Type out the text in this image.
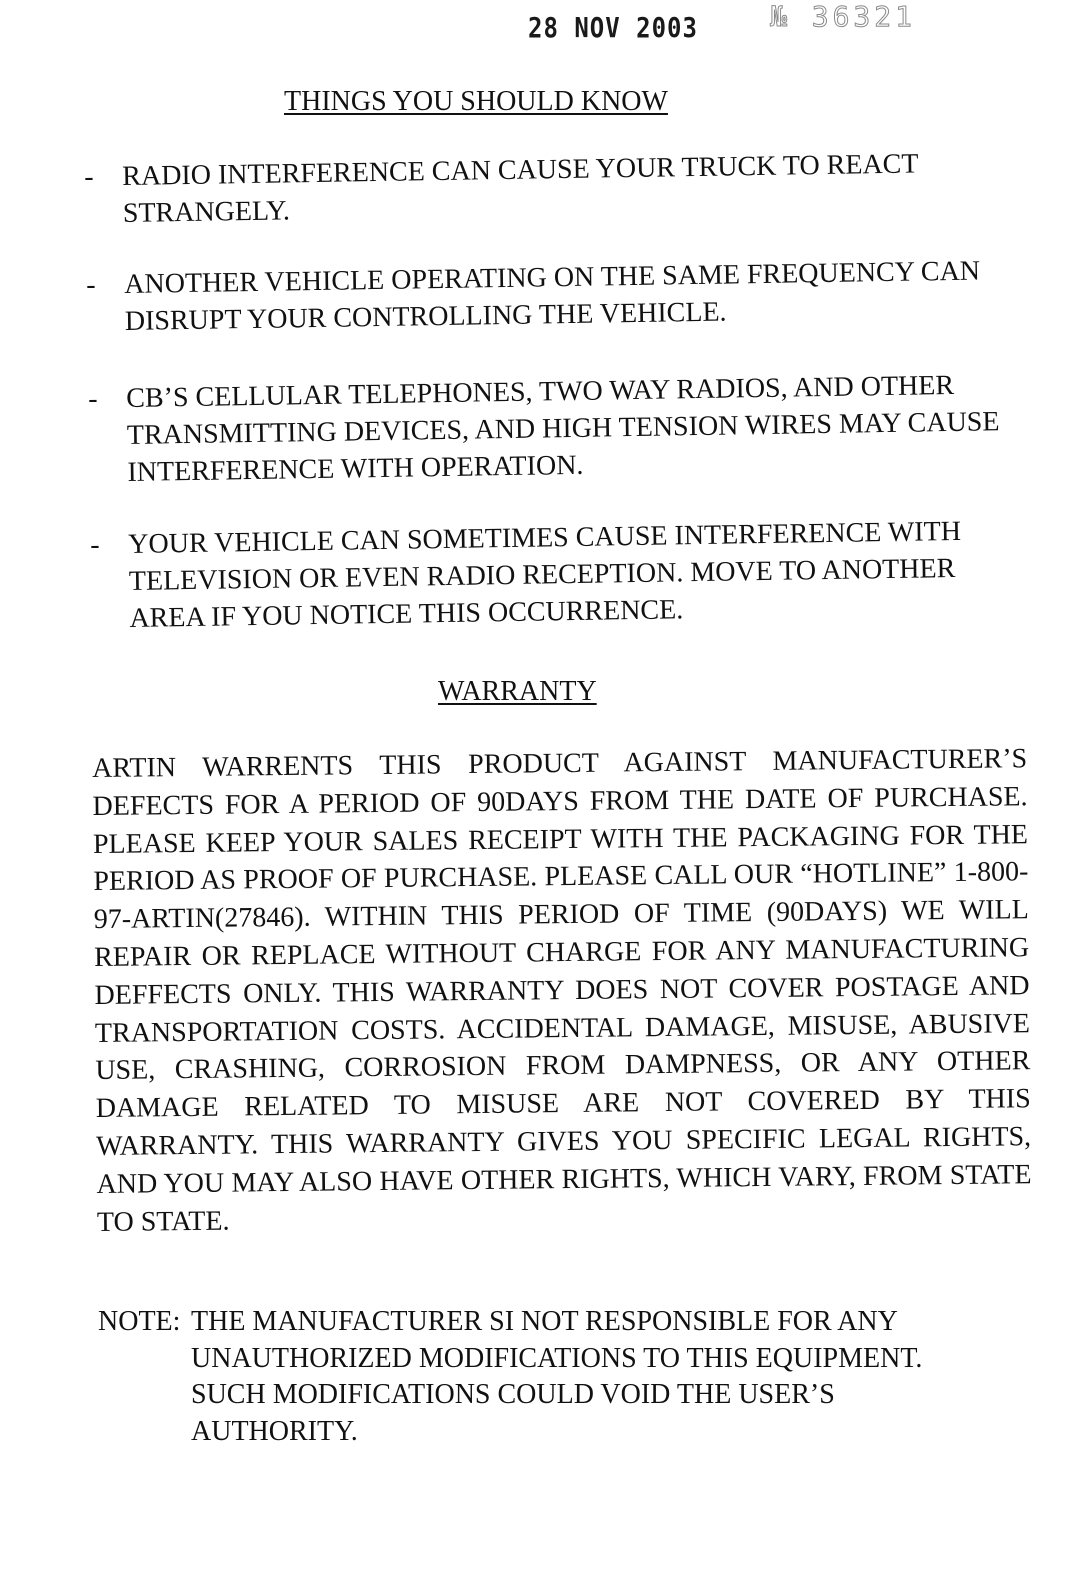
28 NOV 2003	№ 36321
THINGS YOU SHOULD KNOW
- RADIO INTERFERENCE CAN CAUSE YOUR TRUCK TO REACT STRANGELY.
- ANOTHER VEHICLE OPERATING ON THE SAME FREQUENCY CAN DISRUPT YOUR CONTROLLING THE VEHICLE.
- CB’S CELLULAR TELEPHONES, TWO WAY RADIOS, AND OTHER TRANSMITTING DEVICES, AND HIGH TENSION WIRES MAY CAUSE INTERFERENCE WITH OPERATION.
- YOUR VEHICLE CAN SOMETIMES CAUSE INTERFERENCE WITH TELEVISION OR EVEN RADIO RECEPTION. MOVE TO ANOTHER AREA IF YOU NOTICE THIS OCCURRENCE.
WARRANTY
ARTIN WARRENTS THIS PRODUCT AGAINST MANUFACTURER’S DEFECTS FOR A PERIOD OF 90DAYS FROM THE DATE OF PURCHASE. PLEASE KEEP YOUR SALES RECEIPT WITH THE PACKAGING FOR THE PERIOD AS PROOF OF PURCHASE. PLEASE CALL OUR “HOTLINE” 1-800-97-ARTIN(27846). WITHIN THIS PERIOD OF TIME (90DAYS) WE WILL REPAIR OR REPLACE WITHOUT CHARGE FOR ANY MANUFACTURING DEFFECTS ONLY. THIS WARRANTY DOES NOT COVER POSTAGE AND TRANSPORTATION COSTS. ACCIDENTAL DAMAGE, MISUSE, ABUSIVE USE, CRASHING, CORROSION FROM DAMPNESS, OR ANY OTHER DAMAGE RELATED TO MISUSE ARE NOT COVERED BY THIS WARRANTY. THIS WARRANTY GIVES YOU SPECIFIC LEGAL RIGHTS, AND YOU MAY ALSO HAVE OTHER RIGHTS, WHICH VARY, FROM STATE TO STATE.
NOTE: THE MANUFACTURER SI NOT RESPONSIBLE FOR ANY UNAUTHORIZED MODIFICATIONS TO THIS EQUIPMENT. SUCH MODIFICATIONS COULD VOID THE USER’S AUTHORITY.
